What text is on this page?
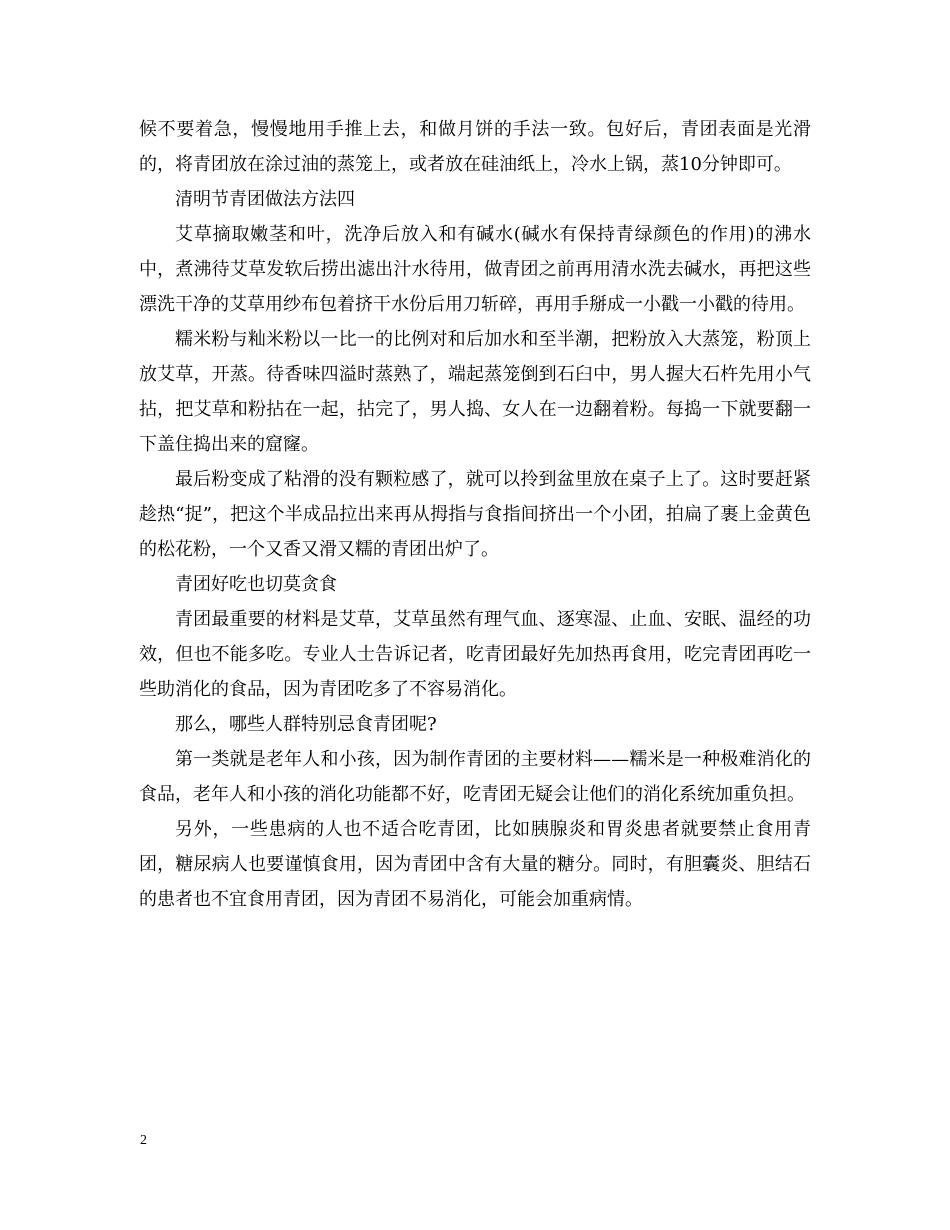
候不要着急，慢慢地用手推上去，和做月饼的手法一致。包好后，青团表面是光滑的，将青团放在涂过油的蒸笼上，或者放在硅油纸上，冷水上锅，蒸10分钟即可。

清明节青团做法方法四

艾草摘取嫩茎和叶，洗净后放入和有碱水(碱水有保持青绿颜色的作用)的沸水中，煮沸待艾草发软后捞出滤出汁水待用，做青团之前再用清水洗去碱水，再把这些漂洗干净的艾草用纱布包着挤干水份后用刀斩碎，再用手掰成一小戳一小戳的待用。

糯米粉与籼米粉以一比一的比例对和后加水和至半潮，把粉放入大蒸笼，粉顶上放艾草，开蒸。待香味四溢时蒸熟了，端起蒸笼倒到石臼中，男人握大石杵先用小气拈，把艾草和粉拈在一起，拈完了，男人捣、女人在一边翻着粉。每捣一下就要翻一下盖住捣出来的窟窿。

最后粉变成了粘滑的没有颗粒感了，就可以拎到盆里放在桌子上了。这时要赶紧趁热“捉”，把这个半成品拉出来再从拇指与食指间挤出一个小团，拍扁了裹上金黄色的松花粉，一个又香又滑又糯的青团出炉了。

青团好吃也切莫贪食

青团最重要的材料是艾草，艾草虽然有理气血、逐寒湿、止血、安眠、温经的功效，但也不能多吃。专业人士告诉记者，吃青团最好先加热再食用，吃完青团再吃一些助消化的食品，因为青团吃多了不容易消化。

那么，哪些人群特别忌食青团呢?

第一类就是老年人和小孩，因为制作青团的主要材料——糯米是一种极难消化的食品，老年人和小孩的消化功能都不好，吃青团无疑会让他们的消化系统加重负担。

另外，一些患病的人也不适合吃青团，比如胰腺炎和胃炎患者就要禁止食用青团，糖尿病人也要谨慎食用，因为青团中含有大量的糖分。同时，有胆囊炎、胆结石的患者也不宜食用青团，因为青团不易消化，可能会加重病情。

2
